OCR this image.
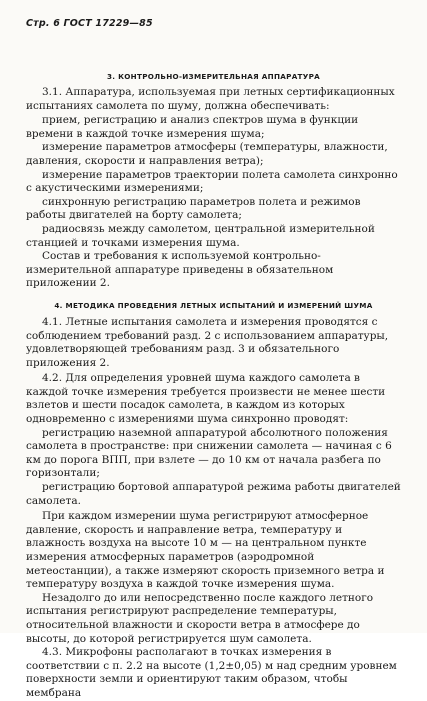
Стр. 6 ГОСТ 17229—85
3. КОНТРОЛЬНО-ИЗМЕРИТЕЛЬНАЯ АППАРАТУРА

3.1. Аппаратура, используемая при летных сертификационных испытаниях самолета по шуму, должна обеспечивать:

прием, регистрацию и анализ спектров шума в функции времени в каждой точке измерения шума;

измерение параметров атмосферы (температуры, влажности, давления, скорости и направления ветра);

измерение параметров траектории полета самолета синхронно с акустическими измерениями;

синхронную регистрацию параметров полета и режимов работы двигателей на борту самолета;

радиосвязь между самолетом, центральной измерительной станцией и точками измерения шума.

Состав и требования к используемой контрольно-измерительной аппаратуре приведены в обязательном приложении 2.

4. МЕТОДИКА ПРОВЕДЕНИЯ ЛЕТНЫХ ИСПЫТАНИЙ И ИЗМЕРЕНИЙ ШУМА

4.1. Летные испытания самолета и измерения проводятся с соблюдением требований разд. 2 с использованием аппаратуры, удовлетворяющей требованиям разд. 3 и обязательного приложения 2.

4.2. Для определения уровней шума каждого самолета в каждой точке измерения требуется произвести не менее шести взлетов и шести посадок самолета, в каждом из которых одновременно с измерениями шума синхронно проводят:

регистрацию наземной аппаратурой абсолютного положения самолета в пространстве: при снижении самолета — начиная с 6 км до порога ВПП, при взлете — до 10 км от начала разбега по горизонтали;

регистрацию бортовой аппаратурой режима работы двигателей самолета.

При каждом измерении шума регистрируют атмосферное давление, скорость и направление ветра, температуру и влажность воздуха на высоте 10 м — на центральном пункте измерения атмосферных параметров (аэродромной метеостанции), а также измеряют скорость приземного ветра и температуру воздуха в каждой точке измерения шума.

Незадолго до или непосредственно после каждого летного испытания регистрируют распределение температуры, относительной влажности и скорости ветра в атмосфере до высоты, до которой регистрируется шум самолета.

4.3. Микрофоны располагают в точках измерения в соответствии с п. 2.2 на высоте (1,2±0,05) м над средним уровнем поверхности земли и ориентируют таким образом, чтобы мембрана
